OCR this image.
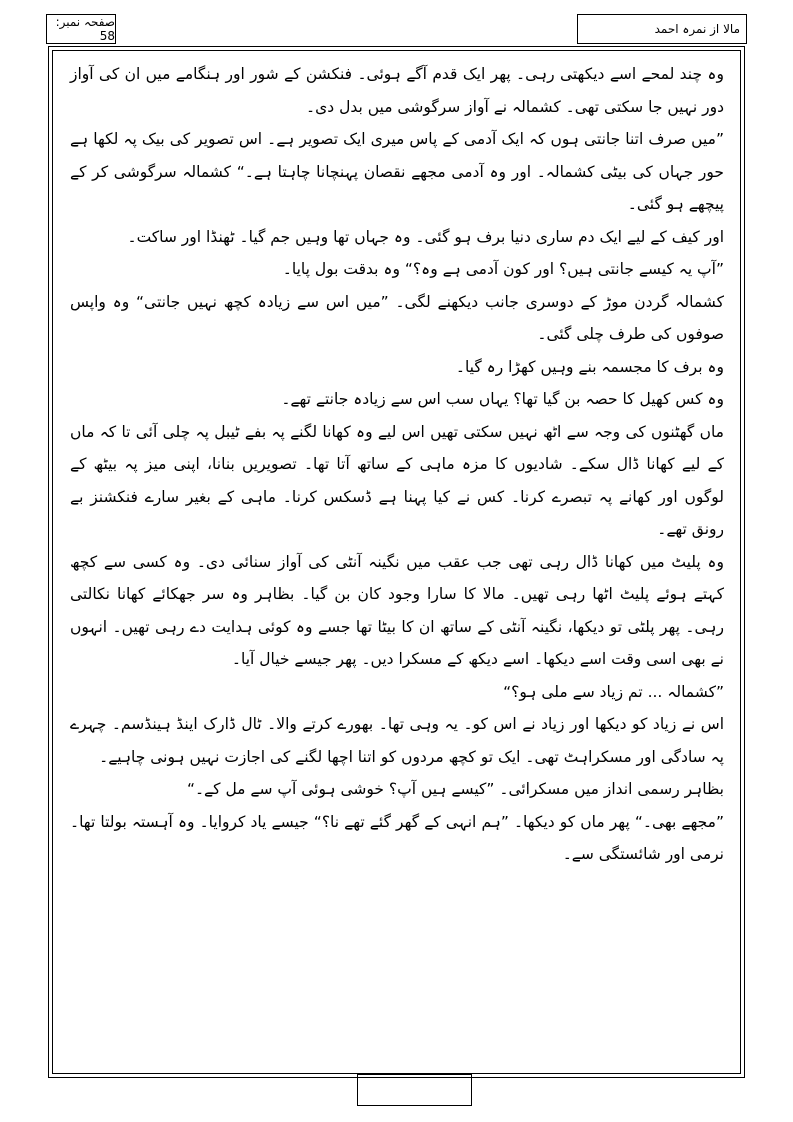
صفحہ نمبر: 58	مالا از نمرہ احمد

وہ چند لمحے اسے دیکھتی رہی۔ پھر ایک قدم آگے ہوئی۔ فنکشن کے شور اور ہنگامے میں ان کی آواز دور نہیں جا سکتی تھی۔ کشمالہ نے آواز سرگوشی میں بدل دی۔

”میں صرف اتنا جانتی ہوں کہ ایک آدمی کے پاس میری ایک تصویر ہے۔ اس تصویر کی بیک پہ لکھا ہے حور جہاں کی بیٹی کشمالہ۔ اور وہ آدمی مجھے نقصان پہنچانا چاہتا ہے۔“ کشمالہ سرگوشی کر کے پیچھے ہو گئی۔

اور کیف کے لیے ایک دم ساری دنیا برف ہو گئی۔ وہ جہاں تھا وہیں جم گیا۔ ٹھنڈا اور ساکت۔

”آپ یہ کیسے جانتی ہیں؟ اور کون آدمی ہے وہ؟“ وہ بدقت بول پایا۔

کشمالہ گردن موڑ کے دوسری جانب دیکھنے لگی۔ ”میں اس سے زیادہ کچھ نہیں جانتی“ وہ واپس صوفوں کی طرف چلی گئی۔

وہ برف کا مجسمہ بنے وہیں کھڑا رہ گیا۔

وہ کس کھیل کا حصہ بن گیا تھا؟ یہاں سب اس سے زیادہ جانتے تھے۔

ماں گھٹنوں کی وجہ سے اٹھ نہیں سکتی تھیں اس لیے وہ کھانا لگنے پہ بفے ٹیبل پہ چلی آئی تا کہ ماں کے لیے کھانا ڈال سکے۔ شادیوں کا مزہ ماہی کے ساتھ آتا تھا۔ تصویریں بنانا، اپنی میز پہ بیٹھ کے لوگوں اور کھانے پہ تبصرے کرنا۔ کس نے کیا پہنا ہے ڈسکس کرنا۔ ماہی کے بغیر سارے فنکشنز بے رونق تھے۔

وہ پلیٹ میں کھانا ڈال رہی تھی جب عقب میں نگینہ آنٹی کی آواز سنائی دی۔ وہ کسی سے کچھ کہتے ہوئے پلیٹ اٹھا رہی تھیں۔ مالا کا سارا وجود کان بن گیا۔ بظاہر وہ سر جھکائے کھانا نکالتی رہی۔ پھر پلٹی تو دیکھا، نگینہ آنٹی کے ساتھ ان کا بیٹا تھا جسے وہ کوئی ہدایت دے رہی تھیں۔ انہوں نے بھی اسی وقت اسے دیکھا۔ اسے دیکھ کے مسکرا دیں۔ پھر جیسے خیال آیا۔

”کشمالہ ... تم زیاد سے ملی ہو؟“

اس نے زیاد کو دیکھا اور زیاد نے اس کو۔ یہ وہی تھا۔ بھورے کرتے والا۔ ٹال ڈارک اینڈ ہینڈسم۔ چہرے پہ سادگی اور مسکراہٹ تھی۔ ایک تو کچھ مردوں کو اتنا اچھا لگنے کی اجازت نہیں ہونی چاہیے۔

بظاہر رسمی انداز میں مسکرائی۔ ”کیسے ہیں آپ؟ خوشی ہوئی آپ سے مل کے۔“

”مجھے بھی۔“ پھر ماں کو دیکھا۔ ”ہم انہی کے گھر گئے تھے نا؟“ جیسے یاد کروایا۔ وہ آہستہ بولتا تھا۔ نرمی اور شائستگی سے۔
